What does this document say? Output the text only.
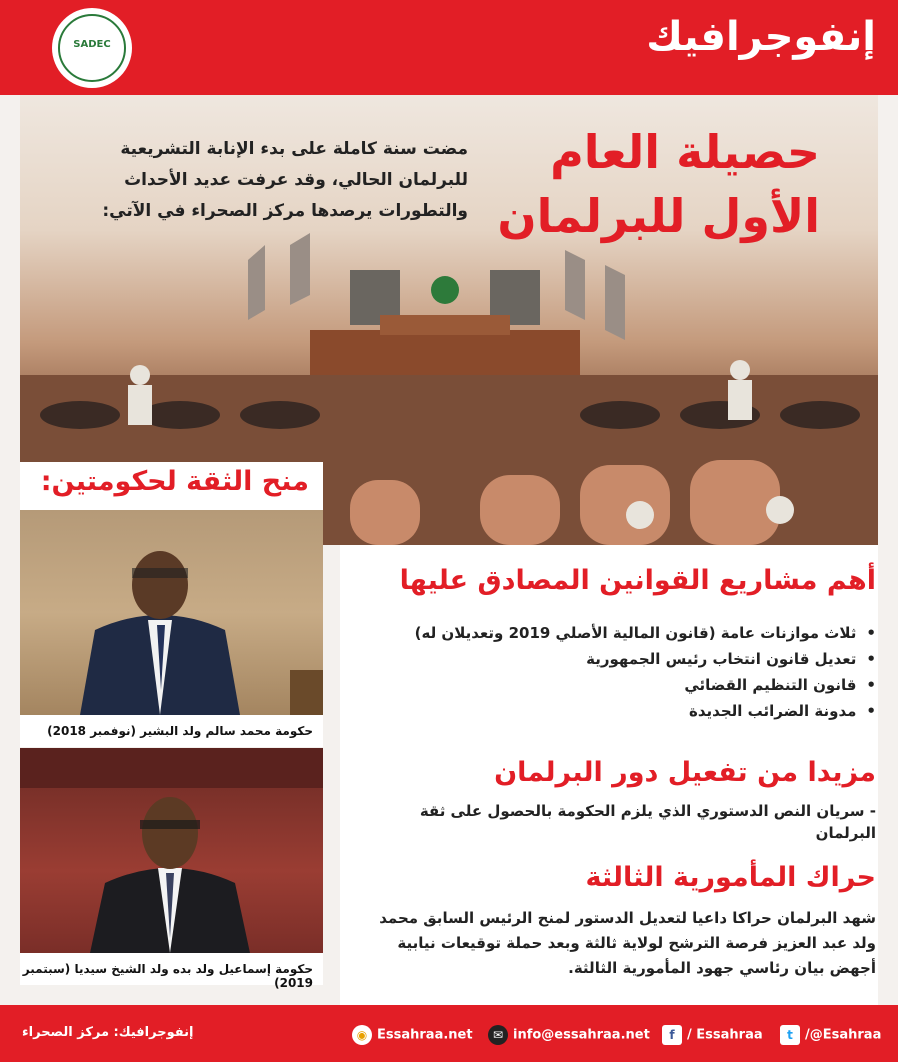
SADEC	إنفوجرافيك
حصيلة العام
الأول للبرلمان
مضت سنة كاملة على بدء الإنابة التشريعية للبرلمان الحالي، وقد عرفت عديد الأحداث والتطورات يرصدها مركز الصحراء في الآتي:
أهم مشاريع القوانين المصادق عليها
• ثلاث موازنات عامة (قانون المالية الأصلي 2019 وتعديلان له)
• تعديل قانون انتخاب رئيس الجمهورية
• قانون التنظيم القضائي
• مدونة الضرائب الجديدة
مزيدا من تفعيل دور البرلمان
- سريان النص الدستوري الذي يلزم الحكومة بالحصول على ثقة البرلمان
حراك المأمورية الثالثة
شهد البرلمان حراكا داعيا لتعديل الدستور لمنح الرئيس السابق محمد ولد عبد العزيز فرصة الترشح لولاية ثالثة وبعد حملة توقيعات نيابية أجهض بيان رئاسي جهود المأمورية الثالثة.
منح الثقة لحكومتين:
حكومة محمد سالم ولد البشير (نوفمبر 2018)
حكومة إسماعيل ولد بده ولد الشيخ سيديا (سبتمبر 2019)
إنفوجرافيك: مركز الصحراء	◉ Essahraa.net	✉ info@essahraa.net	f / Essahraa	t /@Esahraa
